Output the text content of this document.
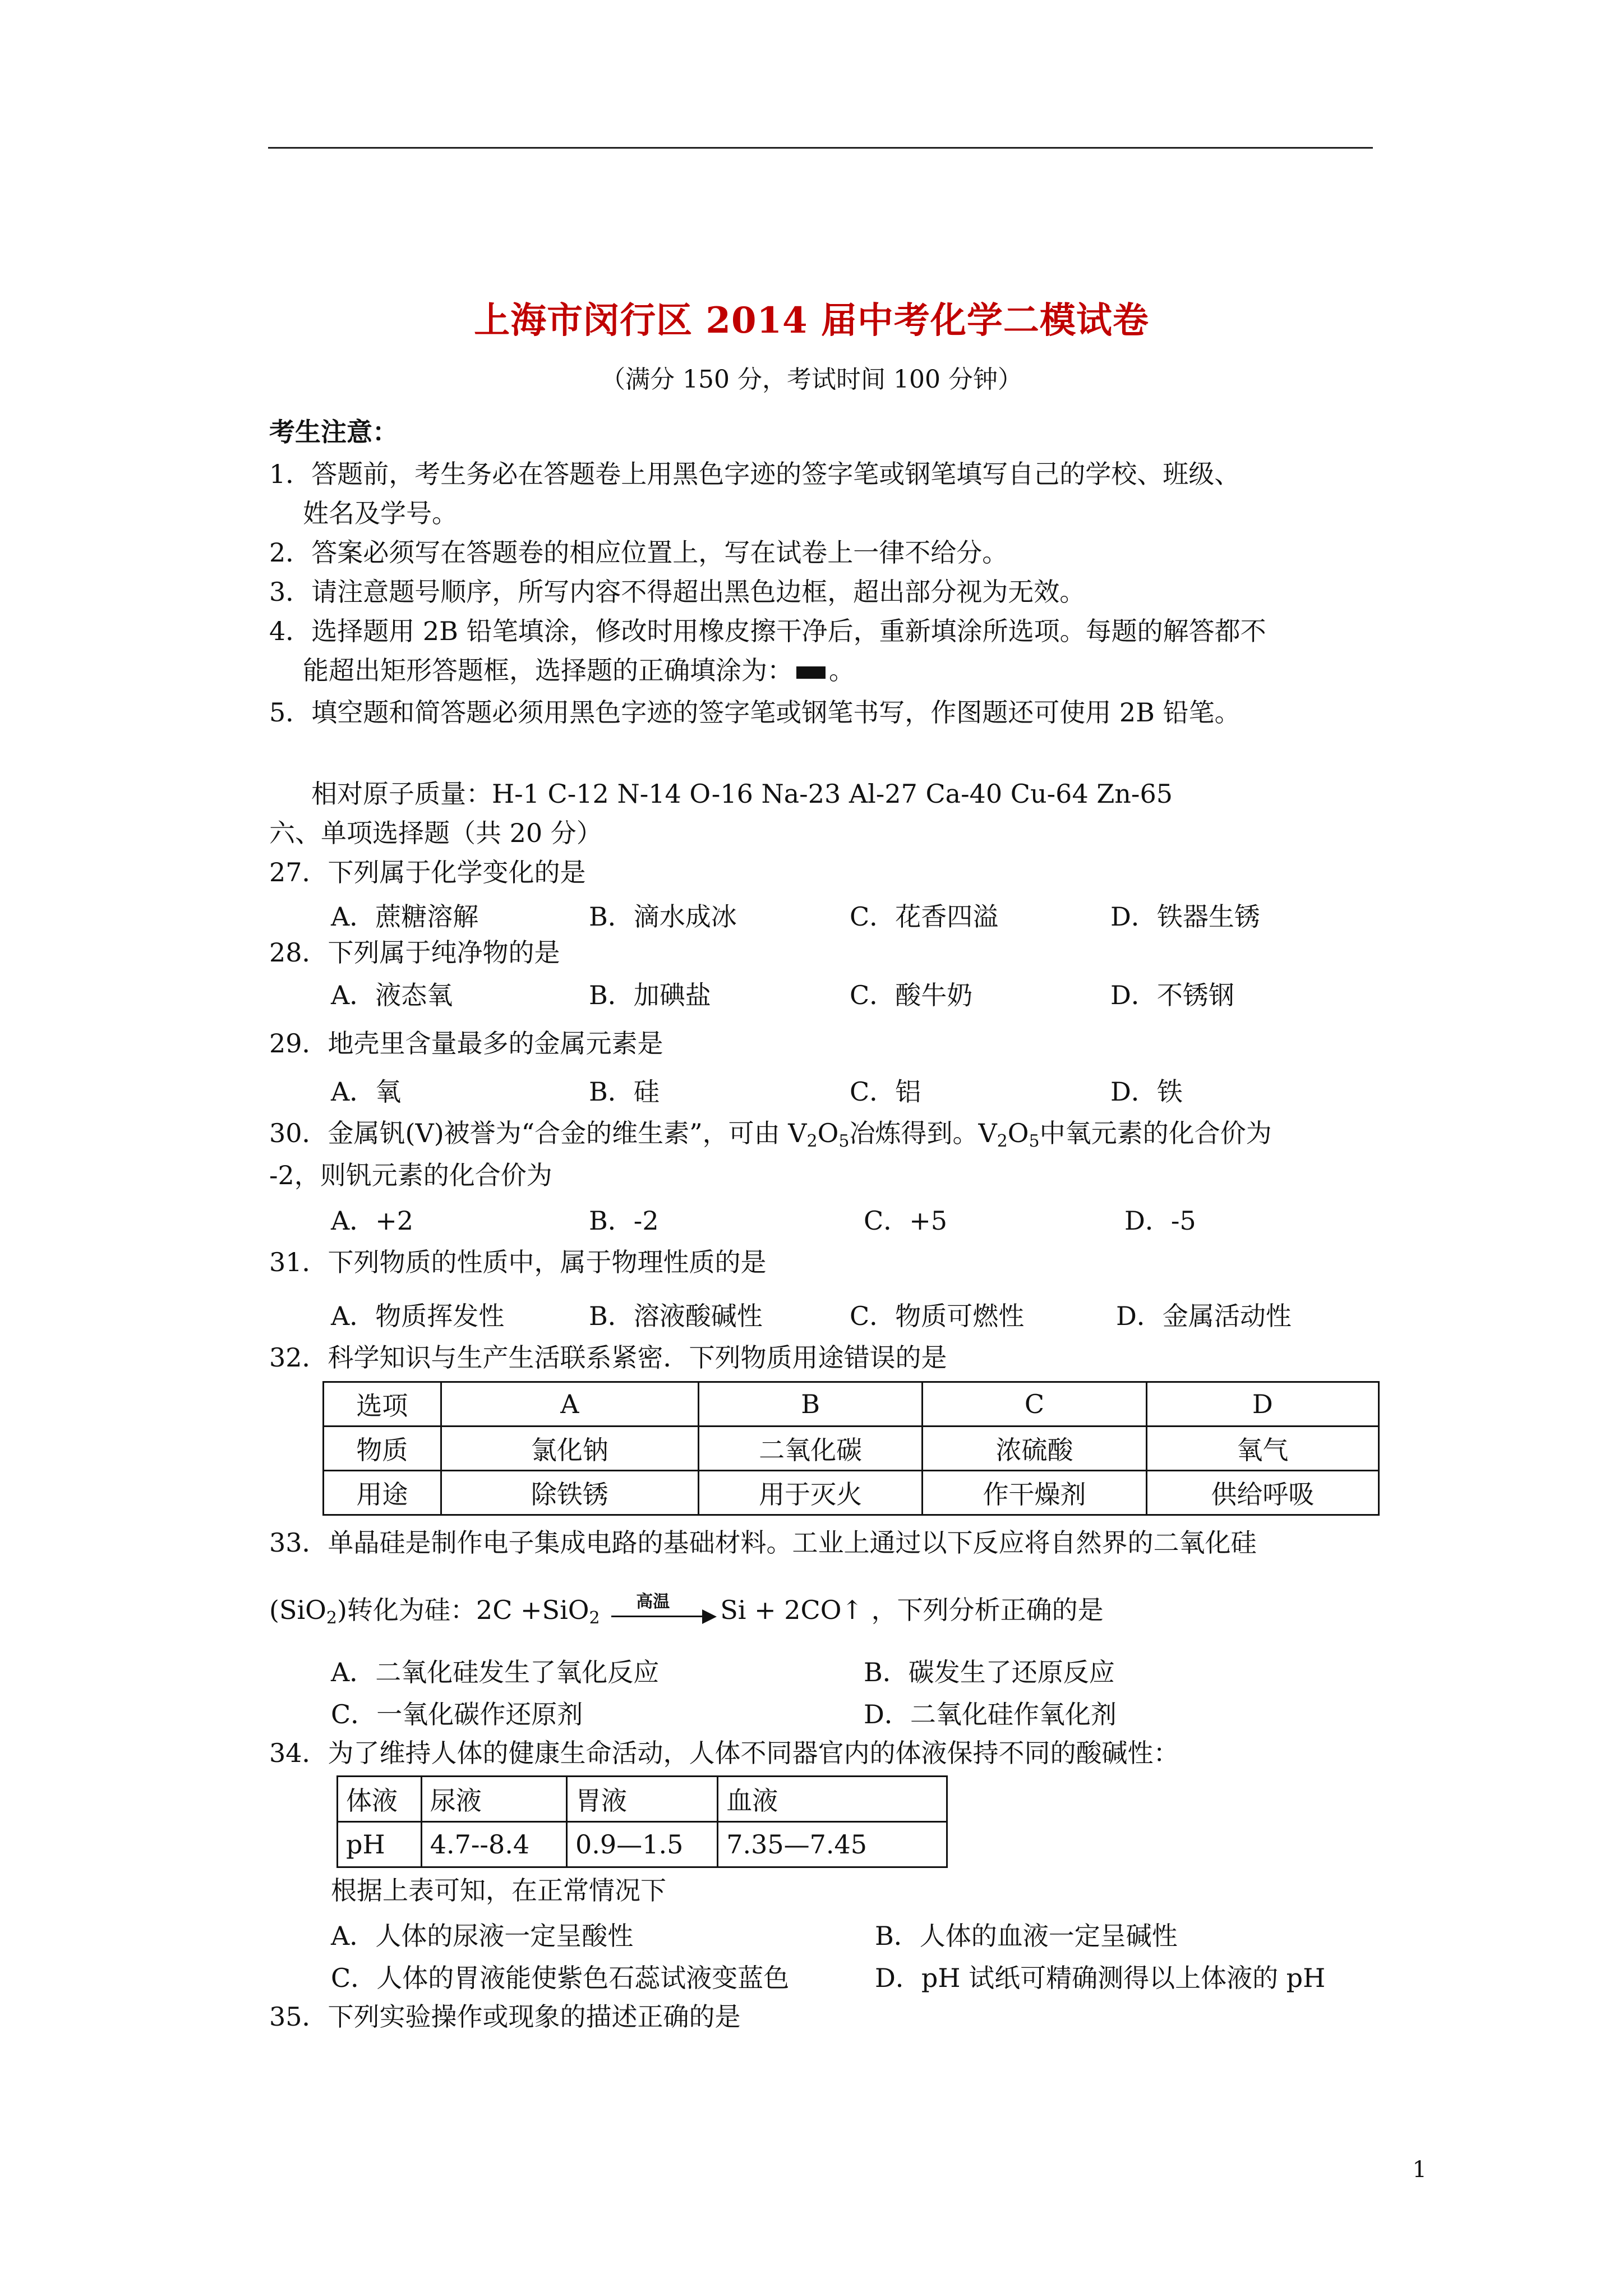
上海市闵行区 2014 届中考化学二模试卷
（满分 150 分，考试时间 100 分钟）
考生注意：
1．答题前，考生务必在答题卷上用黑色字迹的签字笔或钢笔填写自己的学校、班级、
姓名及学号。
2．答案必须写在答题卷的相应位置上，写在试卷上一律不给分。
3．请注意题号顺序，所写内容不得超出黑色边框，超出部分视为无效。
4．选择题用 2B 铅笔填涂，修改时用橡皮擦干净后，重新填涂所选项。每题的解答都不
能超出矩形答题框，选择题的正确填涂为： 。
5．填空题和简答题必须用黑色字迹的签字笔或钢笔书写，作图题还可使用 2B 铅笔。
相对原子质量：H-1 C-12 N-14 O-16 Na-23 Al-27 Ca-40 Cu-64 Zn-65
六、单项选择题（共 20 分）
27．下列属于化学变化的是
A．蔗糖溶解	B．滴水成冰	C．花香四溢	D．铁器生锈
28．下列属于纯净物的是
A．液态氧	B．加碘盐	C．酸牛奶	D．不锈钢
29．地壳里含量最多的金属元素是
A．氧	B．硅	C．铝	D．铁
30．金属钒(V)被誉为“合金的维生素”，可由 $V_2O_5$冶炼得到。$V_2O_5$中氧元素的化合价为
-2，则钒元素的化合价为
A．+2	B．-2	C．+5	D．-5
31．下列物质的性质中，属于物理性质的是
A．物质挥发性	B．溶液酸碱性	C．物质可燃性	D．金属活动性
32．科学知识与生产生活联系紧密．下列物质用途错误的是
选项	A	B	C	D
物质	氯化钠	二氧化碳	浓硫酸	氧气
用途	除铁锈	用于灭火	作干燥剂	供给呼吸
33．单晶硅是制作电子集成电路的基础材料。工业上通过以下反应将自然界的二氧化硅
(SiO$_2$)转化为硅：2C +SiO$_2$
高温	Si + 2CO↑ ，下列分析正确的是
A．二氧化硅发生了氧化反应	B．碳发生了还原反应
C．一氧化碳作还原剂	D．二氧化硅作氧化剂
34．为了维持人体的健康生命活动，人体不同器官内的体液保持不同的酸碱性：
体液	尿液	胃液	血液
pH	4.7--8.4	0.9—1.5	7.35—7.45
根据上表可知，在正常情况下
A．人体的尿液一定呈酸性	B．人体的血液一定呈碱性
C．人体的胃液能使紫色石蕊试液变蓝色	D．pH 试纸可精确测得以上体液的 pH
35．下列实验操作或现象的描述正确的是
1
